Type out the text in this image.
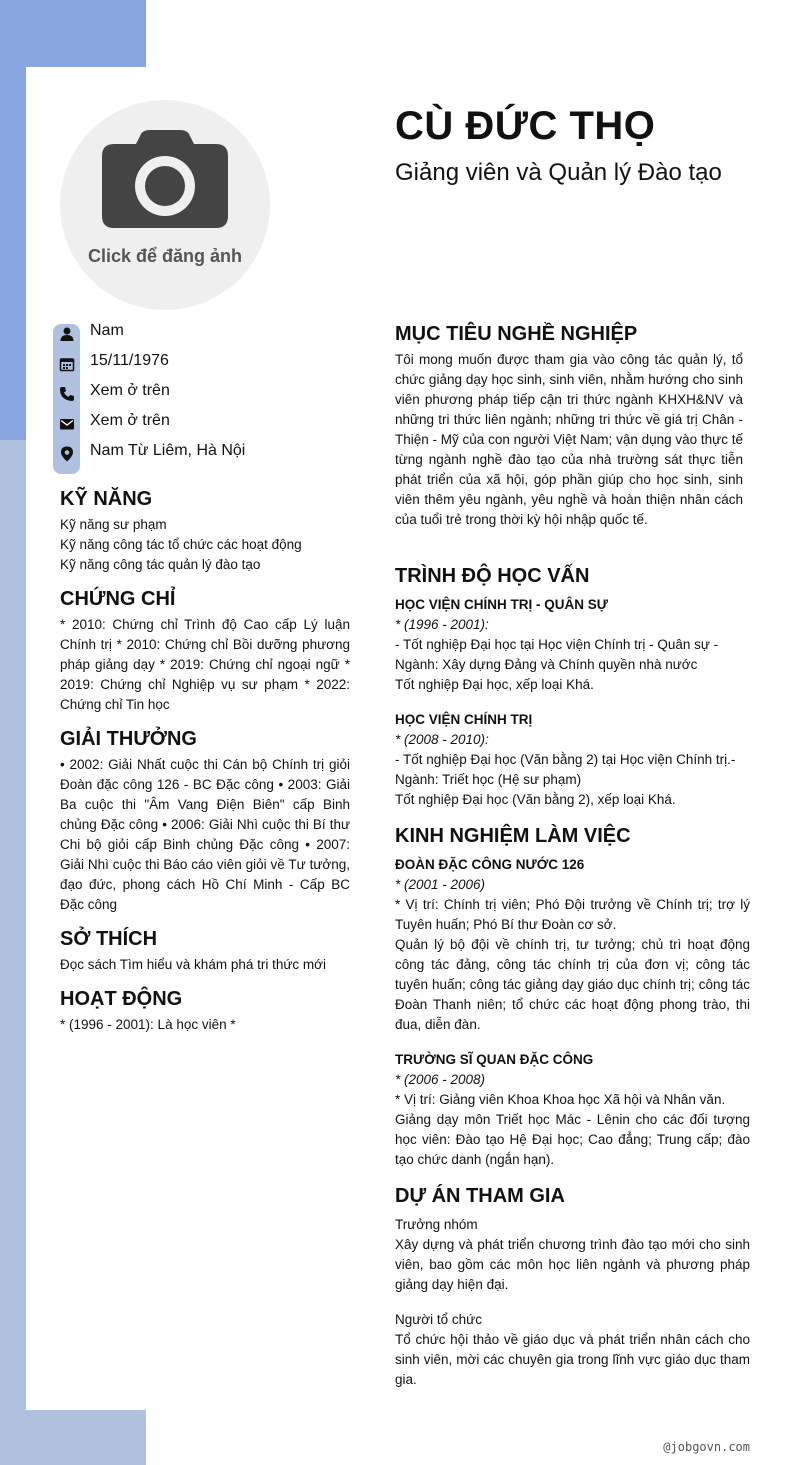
Click để đăng ảnh
CÙ ĐỨC THỌ
Giảng viên và Quản lý Đào tạo
Nam
15/11/1976
Xem ở trên
Xem ở trên
Nam Từ Liêm, Hà Nội
KỸ NĂNG
Kỹ năng sư phạm
Kỹ năng công tác tổ chức các hoạt động
Kỹ năng công tác quản lý đào tạo
CHỨNG CHỈ
* 2010: Chứng chỉ Trình độ Cao cấp Lý luận Chính trị * 2010: Chứng chỉ Bồi dưỡng phương pháp giảng dạy * 2019: Chứng chỉ ngoại ngữ * 2019: Chứng chỉ Nghiệp vụ sư phạm * 2022: Chứng chỉ Tin học
GIẢI THƯỞNG
• 2002: Giải Nhất cuộc thi Cán bộ Chính trị giỏi Đoàn đặc công 126 - BC Đặc công • 2003: Giải Ba cuộc thi "Âm Vang Điện Biên" cấp Binh chủng Đặc công • 2006: Giải Nhì cuộc thi Bí thư Chi bộ giỏi cấp Binh chủng Đặc công • 2007: Giải Nhì cuộc thi Báo cáo viên giỏi về Tư tưởng, đạo đức, phong cách Hồ Chí Minh - Cấp BC Đặc công
SỞ THÍCH
Đọc sách Tìm hiểu và khám phá tri thức mới
HOẠT ĐỘNG
* (1996 - 2001): Là học viên *
MỤC TIÊU NGHỀ NGHIỆP
Tôi mong muốn được tham gia vào công tác quản lý, tổ chức giảng dạy học sinh, sinh viên, nhằm hướng cho sinh viên phương pháp tiếp cận tri thức ngành KHXH&NV và những tri thức liên ngành; những tri thức về giá trị Chân - Thiện - Mỹ của con người Việt Nam; vận dụng vào thực tế từng ngành nghề đào tạo của nhà trường sát thực tiễn phát triển của xã hội, góp phần giúp cho học sinh, sinh viên thêm yêu ngành, yêu nghề và hoàn thiện nhân cách của tuổi trẻ trong thời kỳ hội nhập quốc tế.
TRÌNH ĐỘ HỌC VẤN
HỌC VIỆN CHÍNH TRỊ - QUÂN SỰ
* (1996 - 2001):
- Tốt nghiệp Đại học tại Học viện Chính trị - Quân sự -
Ngành: Xây dựng Đảng và Chính quyền nhà nước
Tốt nghiệp Đại học, xếp loại Khá.
HỌC VIỆN CHÍNH TRỊ
* (2008 - 2010):
- Tốt nghiệp Đại học (Văn bằng 2) tại Học viện Chính trị.-
Ngành: Triết học (Hệ sư phạm)
Tốt nghiệp Đại học (Văn bằng 2), xếp loại Khá.
KINH NGHIỆM LÀM VIỆC
ĐOÀN ĐẶC CÔNG NƯỚC 126
* (2001 - 2006)
* Vị trí: Chính trị viên; Phó Đội trưởng về Chính trị; trợ lý Tuyên huấn; Phó Bí thư Đoàn cơ sở.
Quản lý bộ đội về chính trị, tư tưởng; chủ trì hoạt động công tác đảng, công tác chính trị của đơn vị; công tác tuyên huấn; công tác giảng dạy giáo dục chính trị; công tác Đoàn Thanh niên; tổ chức các hoạt động phong trào, thi đua, diễn đàn.
TRƯỜNG SĨ QUAN ĐẶC CÔNG
* (2006 - 2008)
* Vị trí: Giảng viên Khoa Khoa học Xã hội và Nhân văn.
Giảng dạy môn Triết học Mác - Lênin cho các đối tượng học viên: Đào tạo Hệ Đại học; Cao đẳng; Trung cấp; đào tạo chức danh (ngắn hạn).
DỰ ÁN THAM GIA
Trưởng nhóm
Xây dựng và phát triển chương trình đào tạo mới cho sinh viên, bao gồm các môn học liên ngành và phương pháp giảng dạy hiện đại.
Người tổ chức
Tổ chức hội thảo về giáo dục và phát triển nhân cách cho sinh viên, mời các chuyên gia trong lĩnh vực giáo dục tham gia.
@jobgovn.com
